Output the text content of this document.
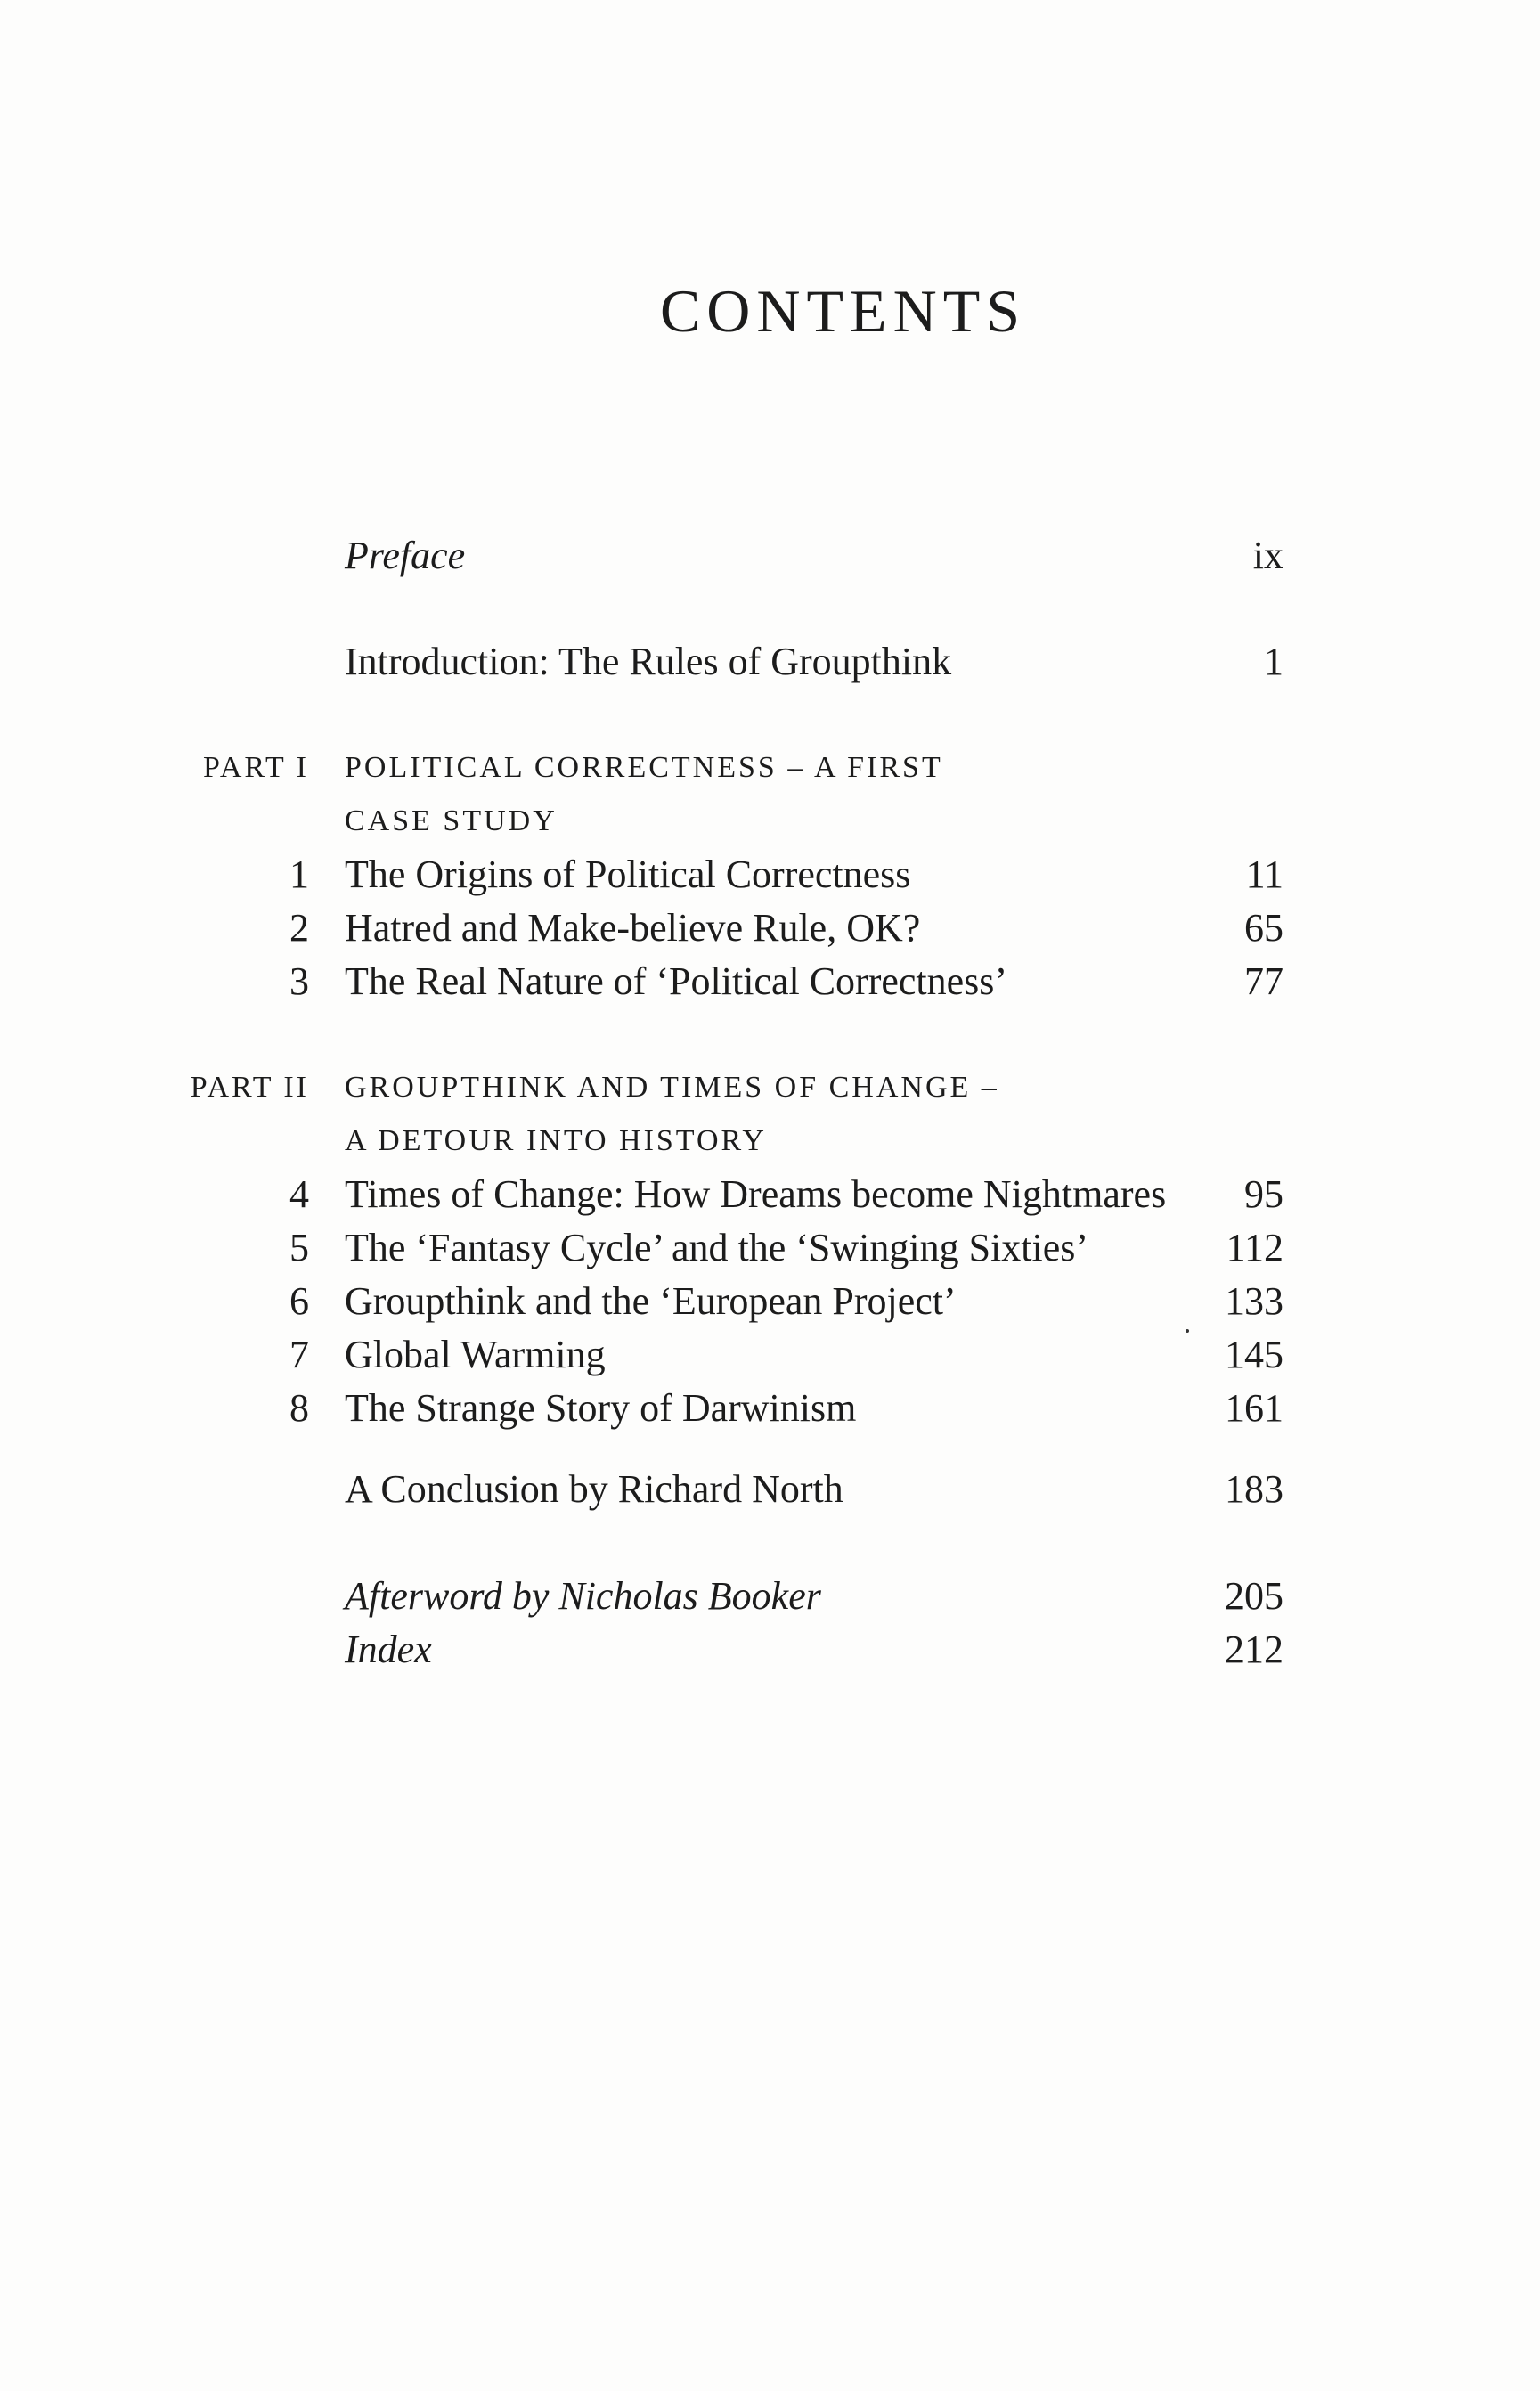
CONTENTS
Preface	ix
Introduction: The Rules of Groupthink	1
PART I POLITICAL CORRECTNESS – A FIRST
CASE STUDY
1 The Origins of Political Correctness	11
2 Hatred and Make-believe Rule, OK?	65
3 The Real Nature of ‘Political Correctness’	77
PART II GROUPTHINK AND TIMES OF CHANGE –
A DETOUR INTO HISTORY
4 Times of Change: How Dreams become Nightmares 95
5 The ‘Fantasy Cycle’ and the ‘Swinging Sixties’	112
6 Groupthink and the ‘European Project’	133
7 Global Warming	145
8 The Strange Story of Darwinism	161
A Conclusion by Richard North	183
Afterword by Nicholas Booker	205
Index	212
